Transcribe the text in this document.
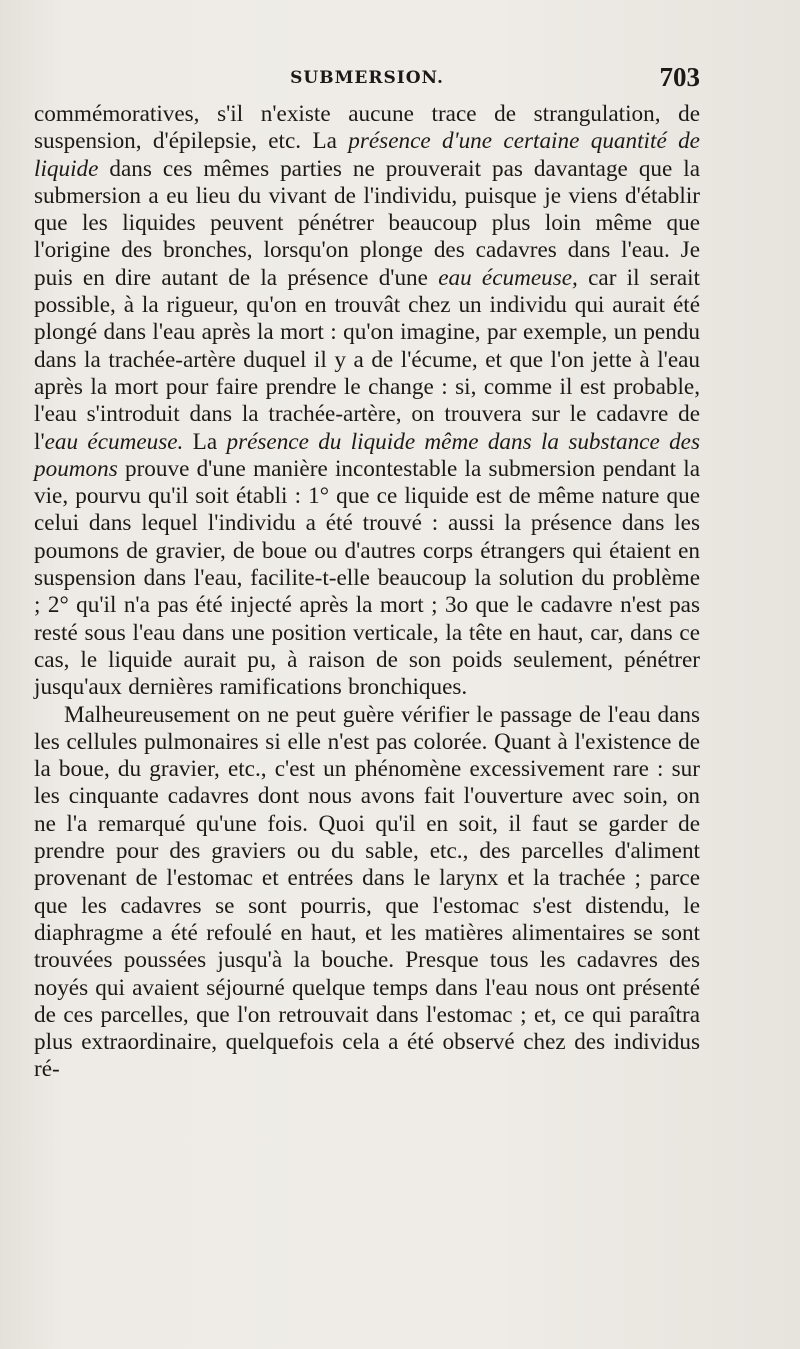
SUBMERSION.	703

commémoratives, s'il n'existe aucune trace de strangulation, de suspension, d'épilepsie, etc. La présence d'une certaine quantité de liquide dans ces mêmes parties ne prouverait pas davantage que la submersion a eu lieu du vivant de l'individu, puisque je viens d'établir que les liquides peuvent pénétrer beaucoup plus loin même que l'origine des bronches, lorsqu'on plonge des cadavres dans l'eau. Je puis en dire autant de la présence d'une eau écumeuse, car il serait possible, à la rigueur, qu'on en trouvât chez un individu qui aurait été plongé dans l'eau après la mort : qu'on imagine, par exemple, un pendu dans la trachée-artère duquel il y a de l'écume, et que l'on jette à l'eau après la mort pour faire prendre le change : si, comme il est probable, l'eau s'introduit dans la trachée-artère, on trouvera sur le cadavre de l'eau écumeuse. La présence du liquide même dans la substance des poumons prouve d'une manière incontestable la submersion pendant la vie, pourvu qu'il soit établi : 1° que ce liquide est de même nature que celui dans lequel l'individu a été trouvé : aussi la présence dans les poumons de gravier, de boue ou d'autres corps étrangers qui étaient en suspension dans l'eau, facilite-t-elle beaucoup la solution du problème ; 2° qu'il n'a pas été injecté après la mort ; 3o que le cadavre n'est pas resté sous l'eau dans une position verticale, la tête en haut, car, dans ce cas, le liquide aurait pu, à raison de son poids seulement, pénétrer jusqu'aux dernières ramifications bronchiques.

Malheureusement on ne peut guère vérifier le passage de l'eau dans les cellules pulmonaires si elle n'est pas colorée. Quant à l'existence de la boue, du gravier, etc., c'est un phénomène excessivement rare : sur les cinquante cadavres dont nous avons fait l'ouverture avec soin, on ne l'a remarqué qu'une fois. Quoi qu'il en soit, il faut se garder de prendre pour des graviers ou du sable, etc., des parcelles d'aliment provenant de l'estomac et entrées dans le larynx et la trachée ; parce que les cadavres se sont pourris, que l'estomac s'est distendu, le diaphragme a été refoulé en haut, et les matières alimentaires se sont trouvées poussées jusqu'à la bouche. Presque tous les cadavres des noyés qui avaient séjourné quelque temps dans l'eau nous ont présenté de ces parcelles, que l'on retrouvait dans l'estomac ; et, ce qui paraîtra plus extraordinaire, quelquefois cela a été observé chez des individus ré-
